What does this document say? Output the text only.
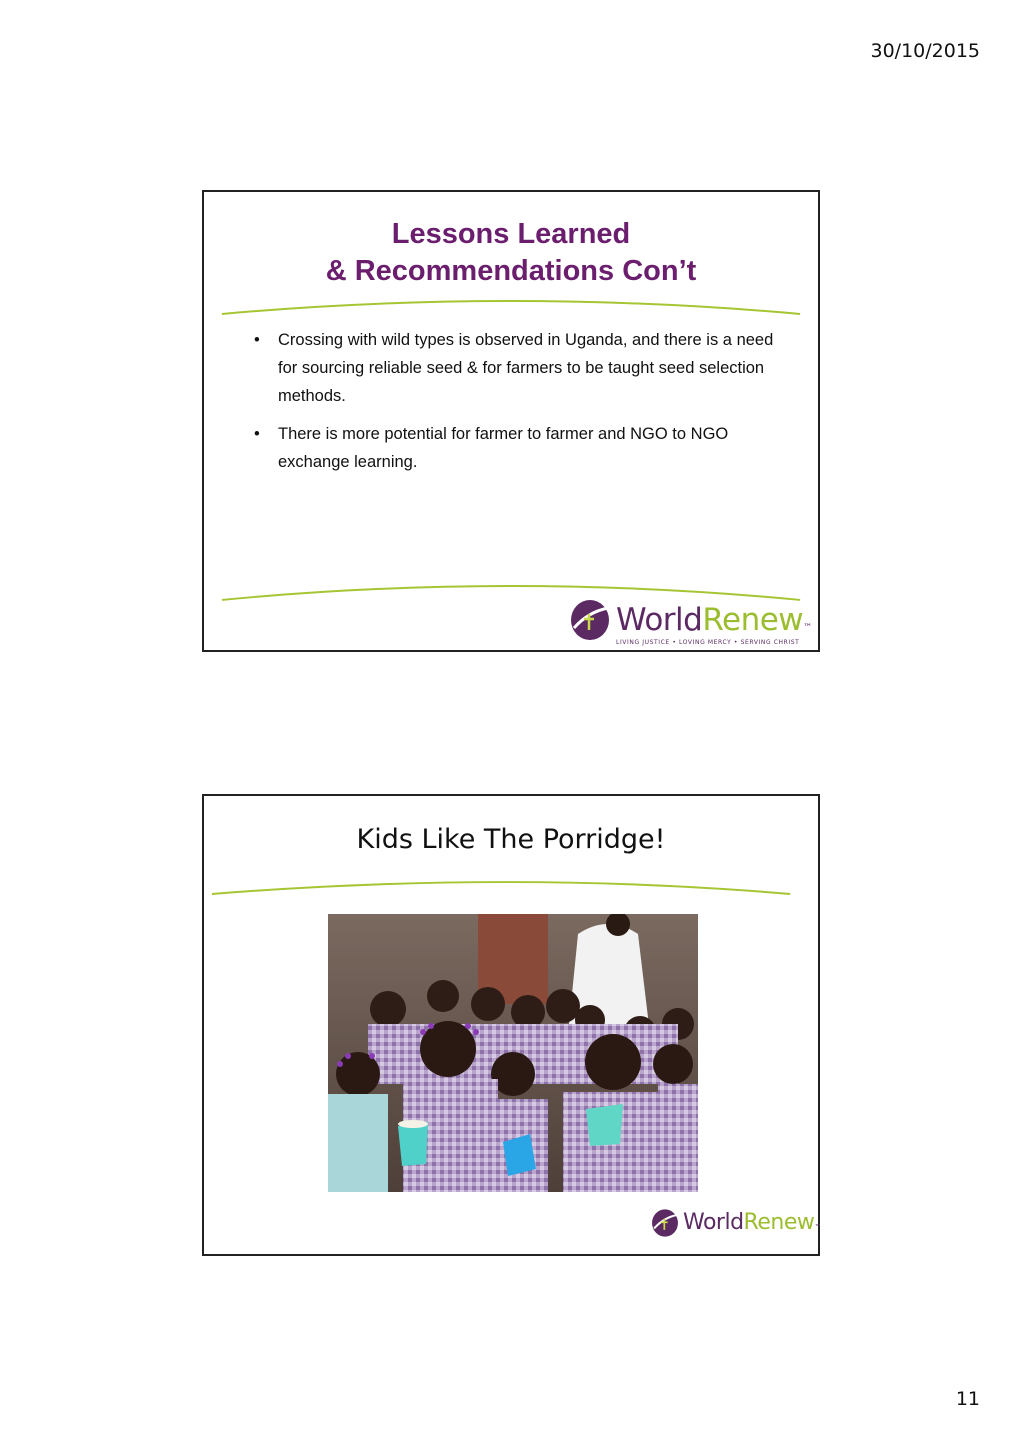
30/10/2015
Lessons Learned
& Recommendations Con’t
• Crossing with wild types is observed in Uganda, and there is a need for sourcing reliable seed & for farmers to be taught seed selection methods.
• There is more potential for farmer to farmer and NGO to NGO exchange learning.
WorldRenew™
LIVING JUSTICE • LOVING MERCY • SERVING CHRIST
Kids Like The Porridge!
WorldRenew™
11
